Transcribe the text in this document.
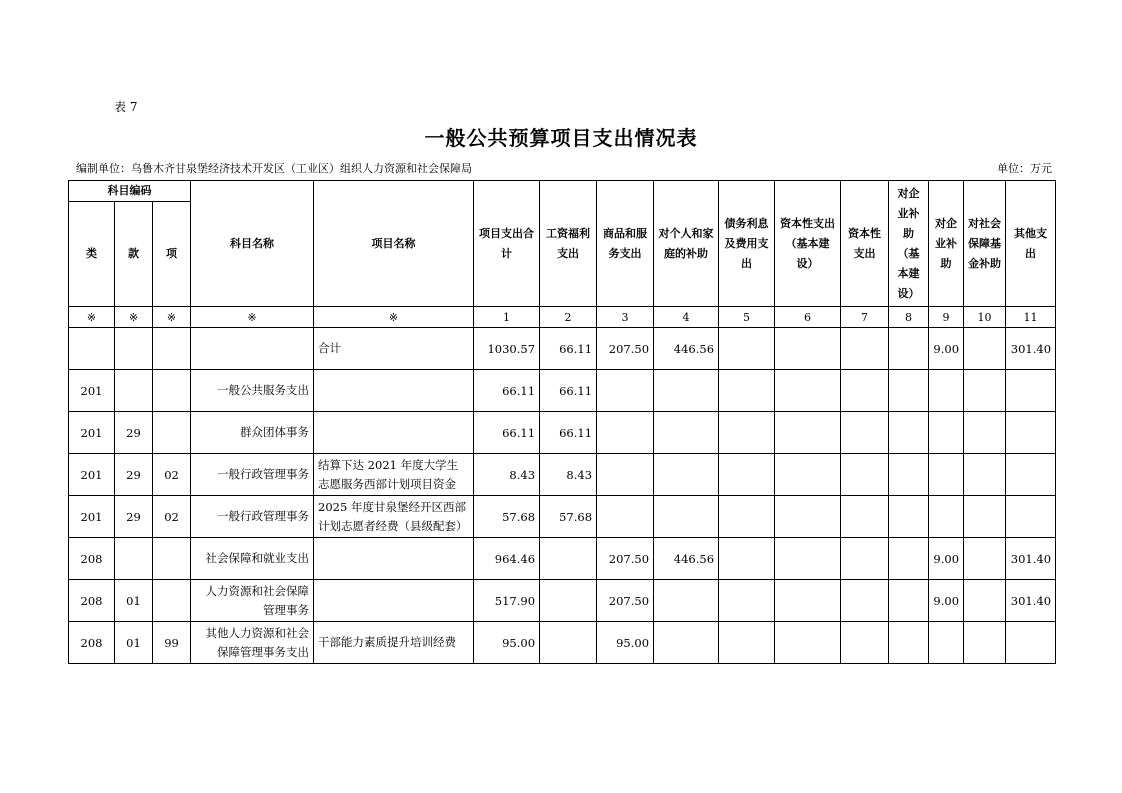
表 7
一般公共预算项目支出情况表
编制单位：乌鲁木齐甘泉堡经济技术开发区（工业区）组织人力资源和社会保障局	单位：万元
科目编码			科目名称	项目名称	项目支出合计	工资福利支出	商品和服务支出	对个人和家庭的补助	债务利息及费用支出	资本性支出（基本建设）	资本性支出	对企业补助（基本建设）	对企业补助	对社会保障基金补助	其他支出

类	款	项													
※	※	※	※	※	1	2	3	4	5	6	7	8	9	10	11
				合计	1030.57	66.11	207.50	446.56					9.00		301.40
201			一般公共服务支出		66.11	66.11									
201	29		群众团体事务		66.11	66.11									
201	29	02	一般行政管理事务	结算下达 2021 年度大学生志愿服务西部计划项目资金	8.43	8.43									
201	29	02	一般行政管理事务	2025 年度甘泉堡经开区西部计划志愿者经费（县级配套）	57.68	57.68									
208			社会保障和就业支出		964.46		207.50	446.56					9.00		301.40
208	01		人力资源和社会保障管理事务		517.90		207.50						9.00		301.40
208	01	99	其他人力资源和社会保障管理事务支出	干部能力素质提升培训经费	95.00		95.00								
